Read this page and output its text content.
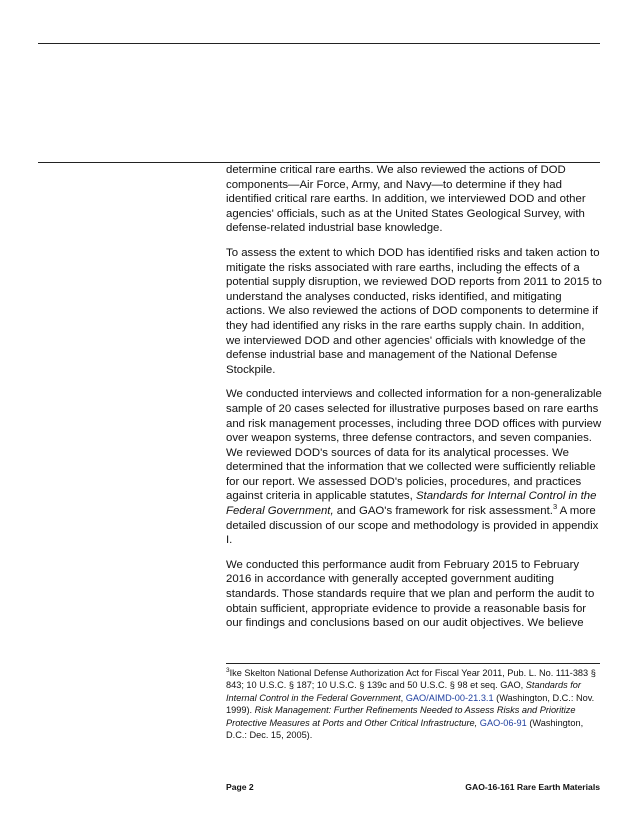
determine critical rare earths. We also reviewed the actions of DOD components—Air Force, Army, and Navy—to determine if they had identified critical rare earths. In addition, we interviewed DOD and other agencies' officials, such as at the United States Geological Survey, with defense-related industrial base knowledge.

To assess the extent to which DOD has identified risks and taken action to mitigate the risks associated with rare earths, including the effects of a potential supply disruption, we reviewed DOD reports from 2011 to 2015 to understand the analyses conducted, risks identified, and mitigating actions. We also reviewed the actions of DOD components to determine if they had identified any risks in the rare earths supply chain. In addition, we interviewed DOD and other agencies' officials with knowledge of the defense industrial base and management of the National Defense Stockpile.

We conducted interviews and collected information for a non-generalizable sample of 20 cases selected for illustrative purposes based on rare earths and risk management processes, including three DOD offices with purview over weapon systems, three defense contractors, and seven companies. We reviewed DOD's sources of data for its analytical processes. We determined that the information that we collected were sufficiently reliable for our report. We assessed DOD's policies, procedures, and practices against criteria in applicable statutes, Standards for Internal Control in the Federal Government, and GAO's framework for risk assessment.$^3$ A more detailed discussion of our scope and methodology is provided in appendix I.

We conducted this performance audit from February 2015 to February 2016 in accordance with generally accepted government auditing standards. Those standards require that we plan and perform the audit to obtain sufficient, appropriate evidence to provide a reasonable basis for our findings and conclusions based on our audit objectives. We believe

$^3$Ike Skelton National Defense Authorization Act for Fiscal Year 2011, Pub. L. No. 111-383 § 843; 10 U.S.C. § 187; 10 U.S.C. § 139c and 50 U.S.C. § 98 et seq. GAO, Standards for Internal Control in the Federal Government, GAO/AIMD-00-21.3.1 (Washington, D.C.: Nov. 1999). Risk Management: Further Refinements Needed to Assess Risks and Prioritize Protective Measures at Ports and Other Critical Infrastructure, GAO-06-91 (Washington, D.C.: Dec. 15, 2005).

Page 2	GAO-16-161 Rare Earth Materials
